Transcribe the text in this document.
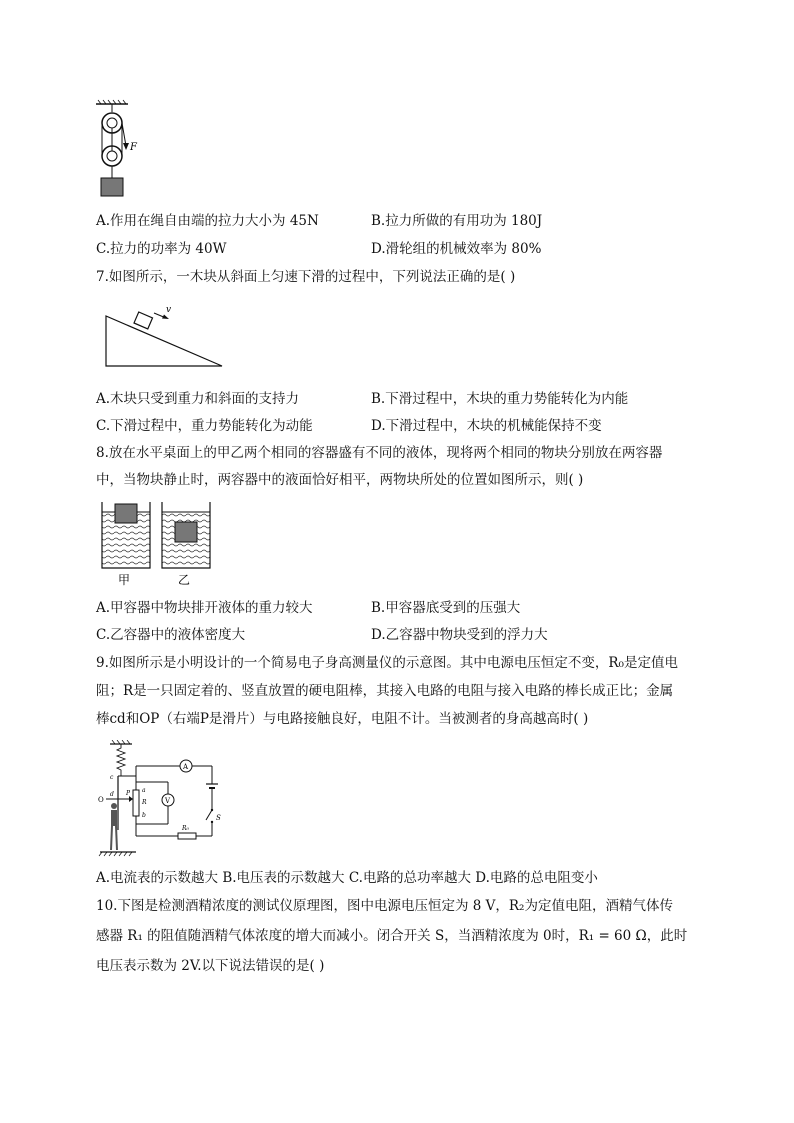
F
A.作用在绳自由端的拉力大小为 45N	B.拉力所做的有用功为 180J
C.拉力的功率为 40W	D.滑轮组的机械效率为 80%
7.如图所示，一木块从斜面上匀速下滑的过程中，下列说法正确的是( )
v
A.木块只受到重力和斜面的支持力	B.下滑过程中，木块的重力势能转化为内能
C.下滑过程中，重力势能转化为动能	D.下滑过程中，木块的机械能保持不变
8.放在水平桌面上的甲乙两个相同的容器盛有不同的液体，现将两个相同的物块分别放在两容器
中，当物块静止时，两容器中的液面恰好相平，两物块所处的位置如图所示，则( )
甲	乙
A.甲容器中物块排开液体的重力较大	B.甲容器底受到的压强大
C.乙容器中的液体密度大	D.乙容器中物块受到的浮力大
9.如图所示是小明设计的一个简易电子身高测量仪的示意图。其中电源电压恒定不变，R₀是定值电
阻；R是一只固定着的、竖直放置的硬电阻棒，其接入电路的电阻与接入电路的棒长成正比；金属
棒cd和OP（右端P是滑片）与电路接触良好，电阻不计。当被测者的身高越高时( )
A
S
R₀
a
R
b
V
O
P
c
d
A.电流表的示数越大 B.电压表的示数越大 C.电路的总功率越大 D.电路的总电阻变小
10.下图是检测酒精浓度的测试仪原理图，图中电源电压恒定为 8 V，R₂为定值电阻，酒精气体传
感器 R₁ 的阻值随酒精气体浓度的增大而减小。闭合开关 S，当酒精浓度为 0时，R₁ = 60 Ω，此时
电压表示数为 2V.以下说法错误的是( )
